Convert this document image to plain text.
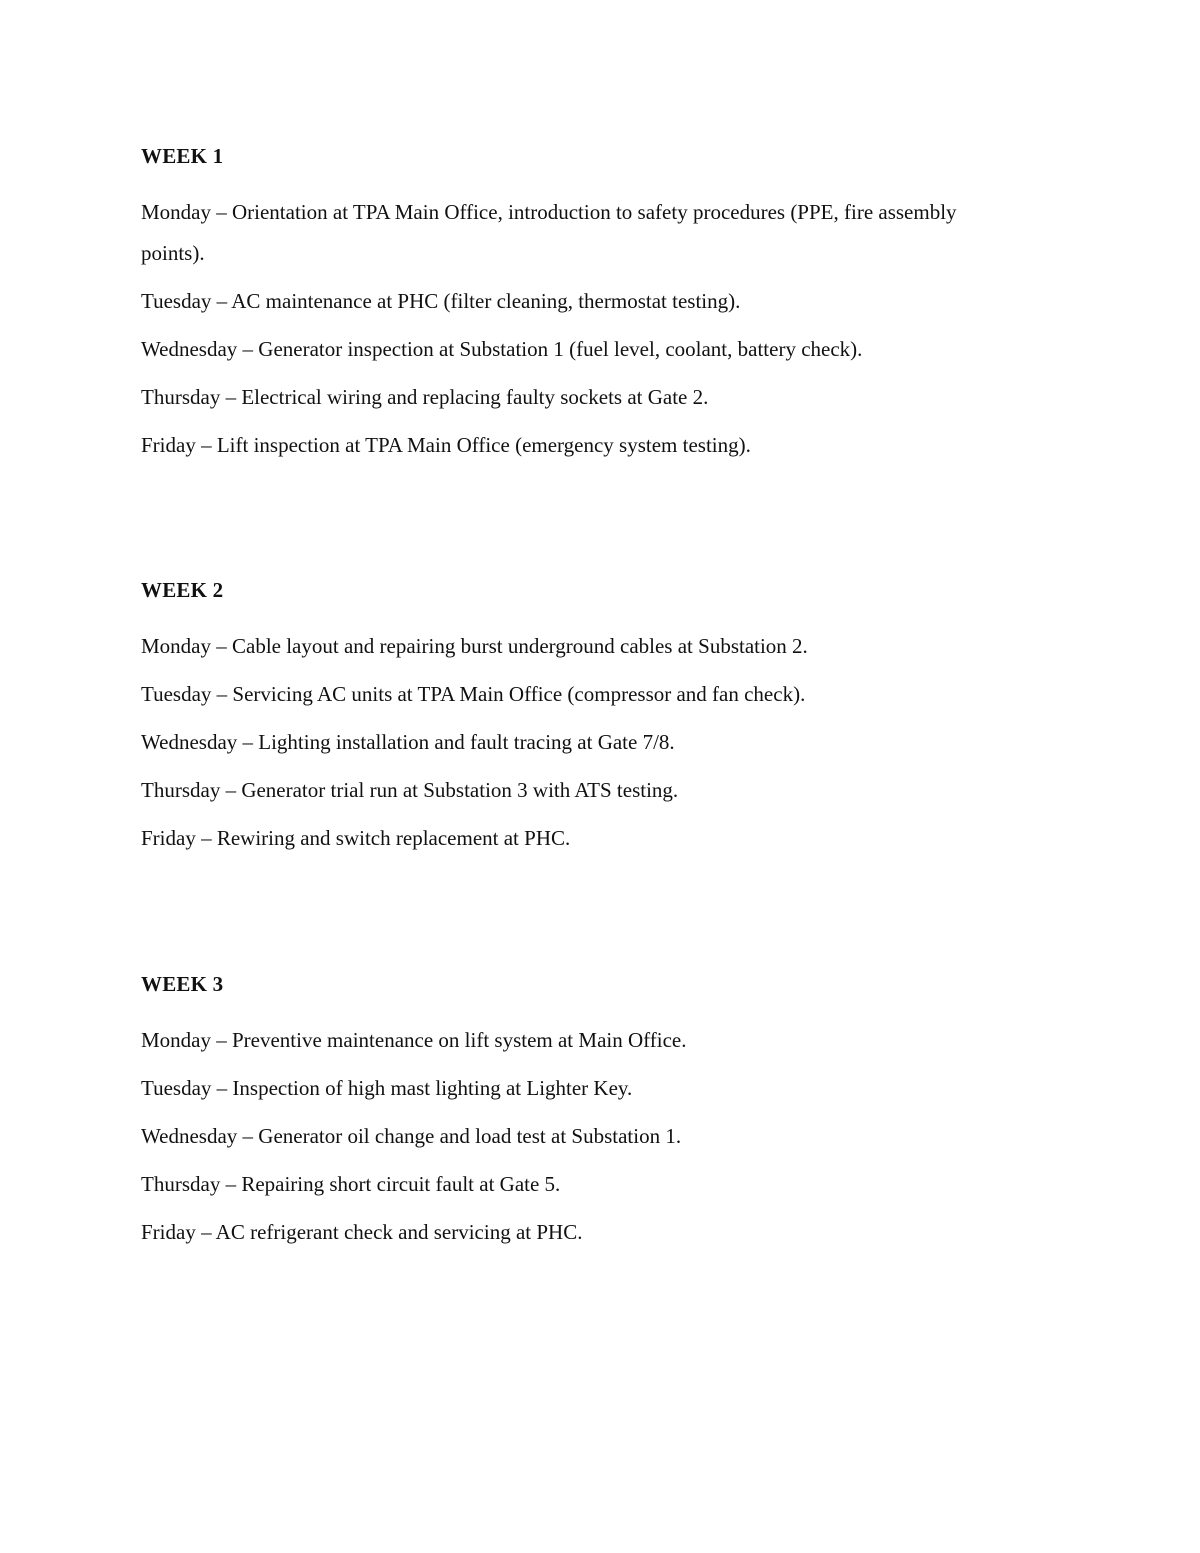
WEEK 1

Monday – Orientation at TPA Main Office, introduction to safety procedures (PPE, fire assembly points).

Tuesday – AC maintenance at PHC (filter cleaning, thermostat testing).

Wednesday – Generator inspection at Substation 1 (fuel level, coolant, battery check).

Thursday – Electrical wiring and replacing faulty sockets at Gate 2.

Friday – Lift inspection at TPA Main Office (emergency system testing).

WEEK 2

Monday – Cable layout and repairing burst underground cables at Substation 2.

Tuesday – Servicing AC units at TPA Main Office (compressor and fan check).

Wednesday – Lighting installation and fault tracing at Gate 7/8.

Thursday – Generator trial run at Substation 3 with ATS testing.

Friday – Rewiring and switch replacement at PHC.

WEEK 3

Monday – Preventive maintenance on lift system at Main Office.

Tuesday – Inspection of high mast lighting at Lighter Key.

Wednesday – Generator oil change and load test at Substation 1.

Thursday – Repairing short circuit fault at Gate 5.

Friday – AC refrigerant check and servicing at PHC.
